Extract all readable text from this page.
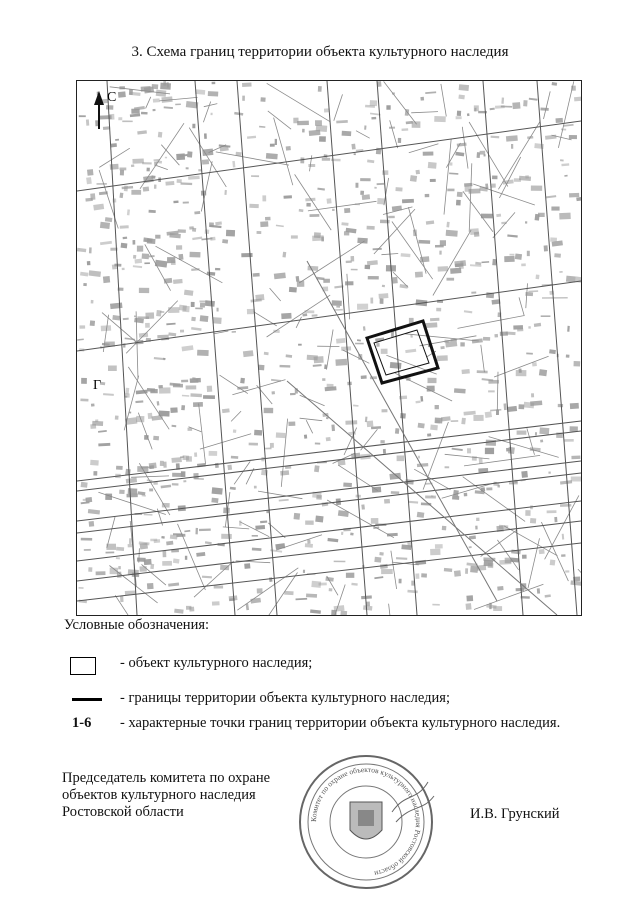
3. Схема границ территории объекта культурного наследия
С
Г
Условные обозначения:
- объект культурного наследия;
- границы территории объекта культурного наследия;
1-6 - характерные точки границ территории объекта культурного наследия.
Председатель комитета по охране
объектов культурного наследия
Ростовской области	Комитет по охране объектов культурного наследия Ростовской области
И.В. Грунский
